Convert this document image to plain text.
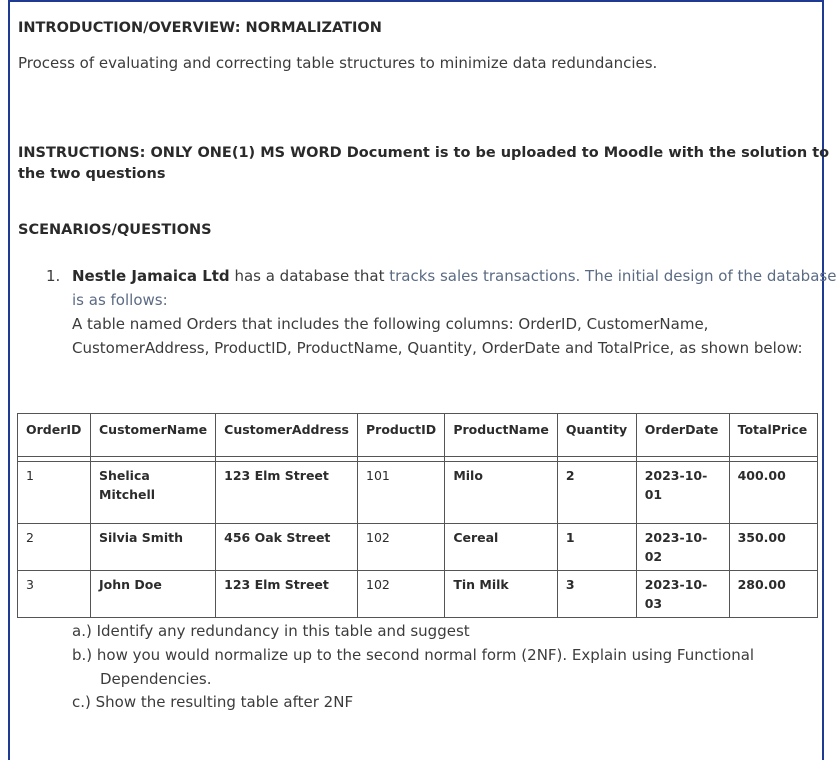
INTRODUCTION/OVERVIEW: NORMALIZATION
Process of evaluating and correcting table structures to minimize data redundancies.
INSTRUCTIONS: ONLY ONE(1) MS WORD Document is to be uploaded to Moodle with the solution to
the two questions
SCENARIOS/QUESTIONS
1. Nestle Jamaica Ltd has a database that tracks sales transactions. The initial design of the database
is as follows:
A table named Orders that includes the following columns: OrderID, CustomerName,
CustomerAddress, ProductID, ProductName, Quantity, OrderDate and TotalPrice, as shown below:
OrderID	CustomerName	CustomerAddress	ProductID	ProductName	Quantity	OrderDate	TotalPrice

1	Shelica Mitchell	123 Elm Street	101	Milo	2	2023-10-01	400.00
2	Silvia Smith	456 Oak Street	102	Cereal	1	2023-10-02	350.00
3	John Doe	123 Elm Street	102	Tin Milk	3	2023-10-03	280.00
a.) Identify any redundancy in this table and suggest
b.) how you would normalize up to the second normal form (2NF). Explain using Functional
Dependencies.
c.) Show the resulting table after 2NF
